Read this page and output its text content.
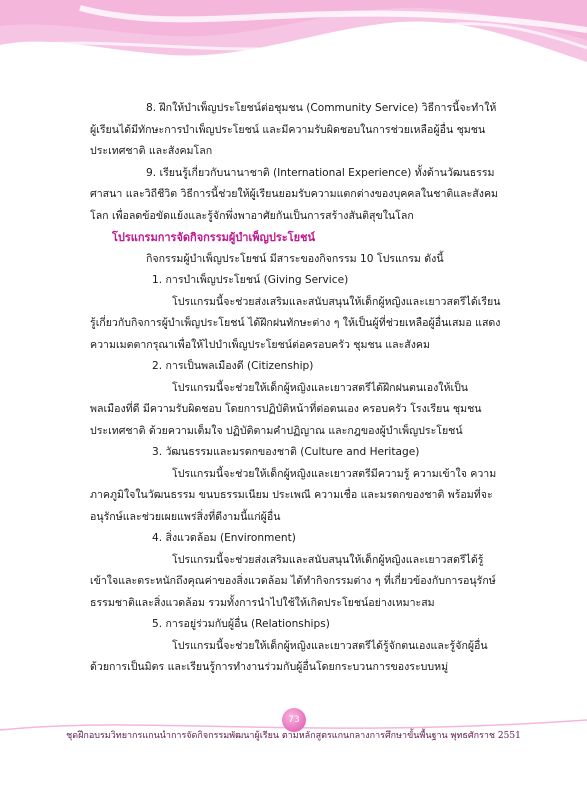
8. ฝึกให้บำเพ็ญประโยชน์ต่อชุมชน (Community Service) วิธีการนี้จะทำให้ผู้เรียนได้มีทักษะการบำเพ็ญประโยชน์ และมีความรับผิดชอบในการช่วยเหลือผู้อื่น ชุมชน ประเทศชาติ และสังคมโลก

9. เรียนรู้เกี่ยวกับนานาชาติ (International Experience) ทั้งด้านวัฒนธรรม ศาสนา และวิถีชีวิต วิธีการนี้ช่วยให้ผู้เรียนยอมรับความแตกต่างของบุคคลในชาติและสังคมโลก เพื่อลดข้อขัดแย้งและรู้จักพึ่งพาอาศัยกันเป็นการสร้างสันติสุขในโลก

โปรแกรมการจัดกิจกรรมผู้บำเพ็ญประโยชน์

กิจกรรมผู้บำเพ็ญประโยชน์ มีสาระของกิจกรรม 10 โปรแกรม ดังนี้

1. การบำเพ็ญประโยชน์ (Giving Service)

โปรแกรมนี้จะช่วยส่งเสริมและสนับสนุนให้เด็กผู้หญิงและเยาวสตรีได้เรียนรู้เกี่ยวกับกิจการผู้บำเพ็ญประโยชน์ ได้ฝึกฝนทักษะต่าง ๆ ให้เป็นผู้ที่ช่วยเหลือผู้อื่นเสมอ แสดงความเมตตากรุณาเพื่อให้ไปบำเพ็ญประโยชน์ต่อครอบครัว ชุมชน และสังคม

2. การเป็นพลเมืองดี (Citizenship)

โปรแกรมนี้จะช่วยให้เด็กผู้หญิงและเยาวสตรีได้ฝึกฝนตนเองให้เป็นพลเมืองที่ดี มีความรับผิดชอบ โดยการปฏิบัติหน้าที่ต่อตนเอง ครอบครัว โรงเรียน ชุมชน ประเทศชาติ ด้วยความเต็มใจ ปฏิบัติตามคำปฏิญาณ และกฎของผู้บำเพ็ญประโยชน์

3. วัฒนธรรมและมรดกของชาติ (Culture and Heritage)

โปรแกรมนี้จะช่วยให้เด็กผู้หญิงและเยาวสตรีมีความรู้ ความเข้าใจ ความภาคภูมิใจในวัฒนธรรม ขนบธรรมเนียม ประเพณี ความเชื่อ และมรดกของชาติ พร้อมที่จะอนุรักษ์และช่วยเผยแพร่สิ่งที่ดีงามนี้แก่ผู้อื่น

4. สิ่งแวดล้อม (Environment)

โปรแกรมนี้จะช่วยส่งเสริมและสนับสนุนให้เด็กผู้หญิงและเยาวสตรีได้รู้เข้าใจและตระหนักถึงคุณค่าของสิ่งแวดล้อม ได้ทำกิจกรรมต่าง ๆ ที่เกี่ยวข้องกับการอนุรักษ์ธรรมชาติและสิ่งแวดล้อม รวมทั้งการนำไปใช้ให้เกิดประโยชน์อย่างเหมาะสม

5. การอยู่ร่วมกับผู้อื่น (Relationships)

โปรแกรมนี้จะช่วยให้เด็กผู้หญิงและเยาวสตรีได้รู้จักตนเองและรู้จักผู้อื่นด้วยการเป็นมิตร และเรียนรู้การทำงานร่วมกับผู้อื่นโดยกระบวนการของระบบหมู่

73
ชุดฝึกอบรมวิทยากรแกนนำการจัดกิจกรรมพัฒนาผู้เรียน ตามหลักสูตรแกนกลางการศึกษาขั้นพื้นฐาน พุทธศักราช 2551
